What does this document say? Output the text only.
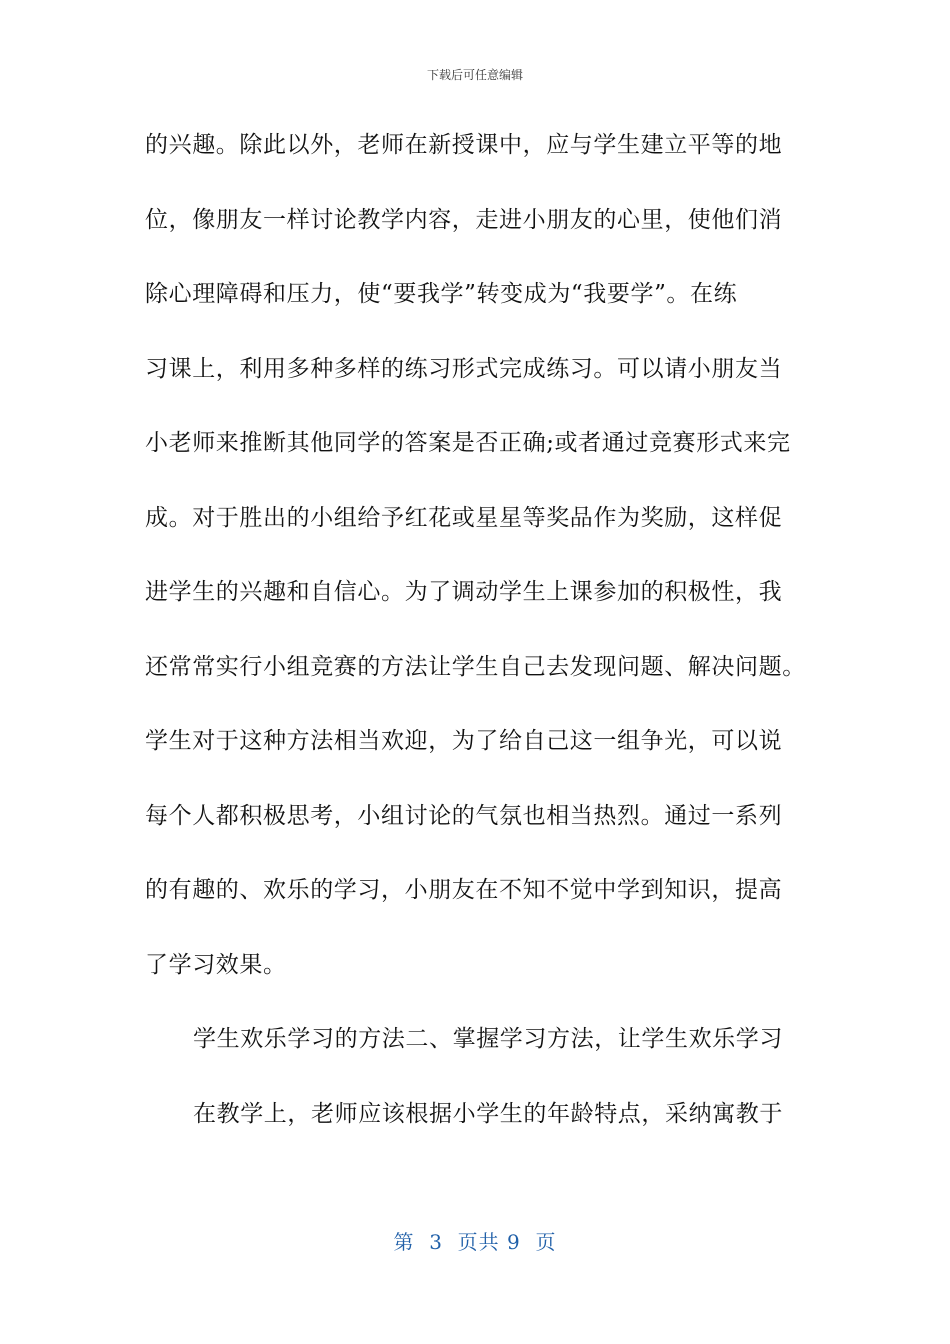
下载后可任意编辑
的兴趣。除此以外，老师在新授课中，应与学生建立平等的地
位，像朋友一样讨论教学内容，走进小朋友的心里，使他们消
除心理障碍和压力，使“要我学”转变成为“我要学”。在练
习课上，利用多种多样的练习形式完成练习。可以请小朋友当
小老师来推断其他同学的答案是否正确;或者通过竞赛形式来完
成。对于胜出的小组给予红花或星星等奖品作为奖励，这样促
进学生的兴趣和自信心。为了调动学生上课参加的积极性，我
还常常实行小组竞赛的方法让学生自己去发现问题、解决问题。
学生对于这种方法相当欢迎，为了给自己这一组争光，可以说
每个人都积极思考，小组讨论的气氛也相当热烈。通过一系列
的有趣的、欢乐的学习，小朋友在不知不觉中学到知识，提高
了学习效果。
学生欢乐学习的方法二、掌握学习方法，让学生欢乐学习
在教学上，老师应该根据小学生的年龄特点，采纳寓教于
第  3  页共 9  页
